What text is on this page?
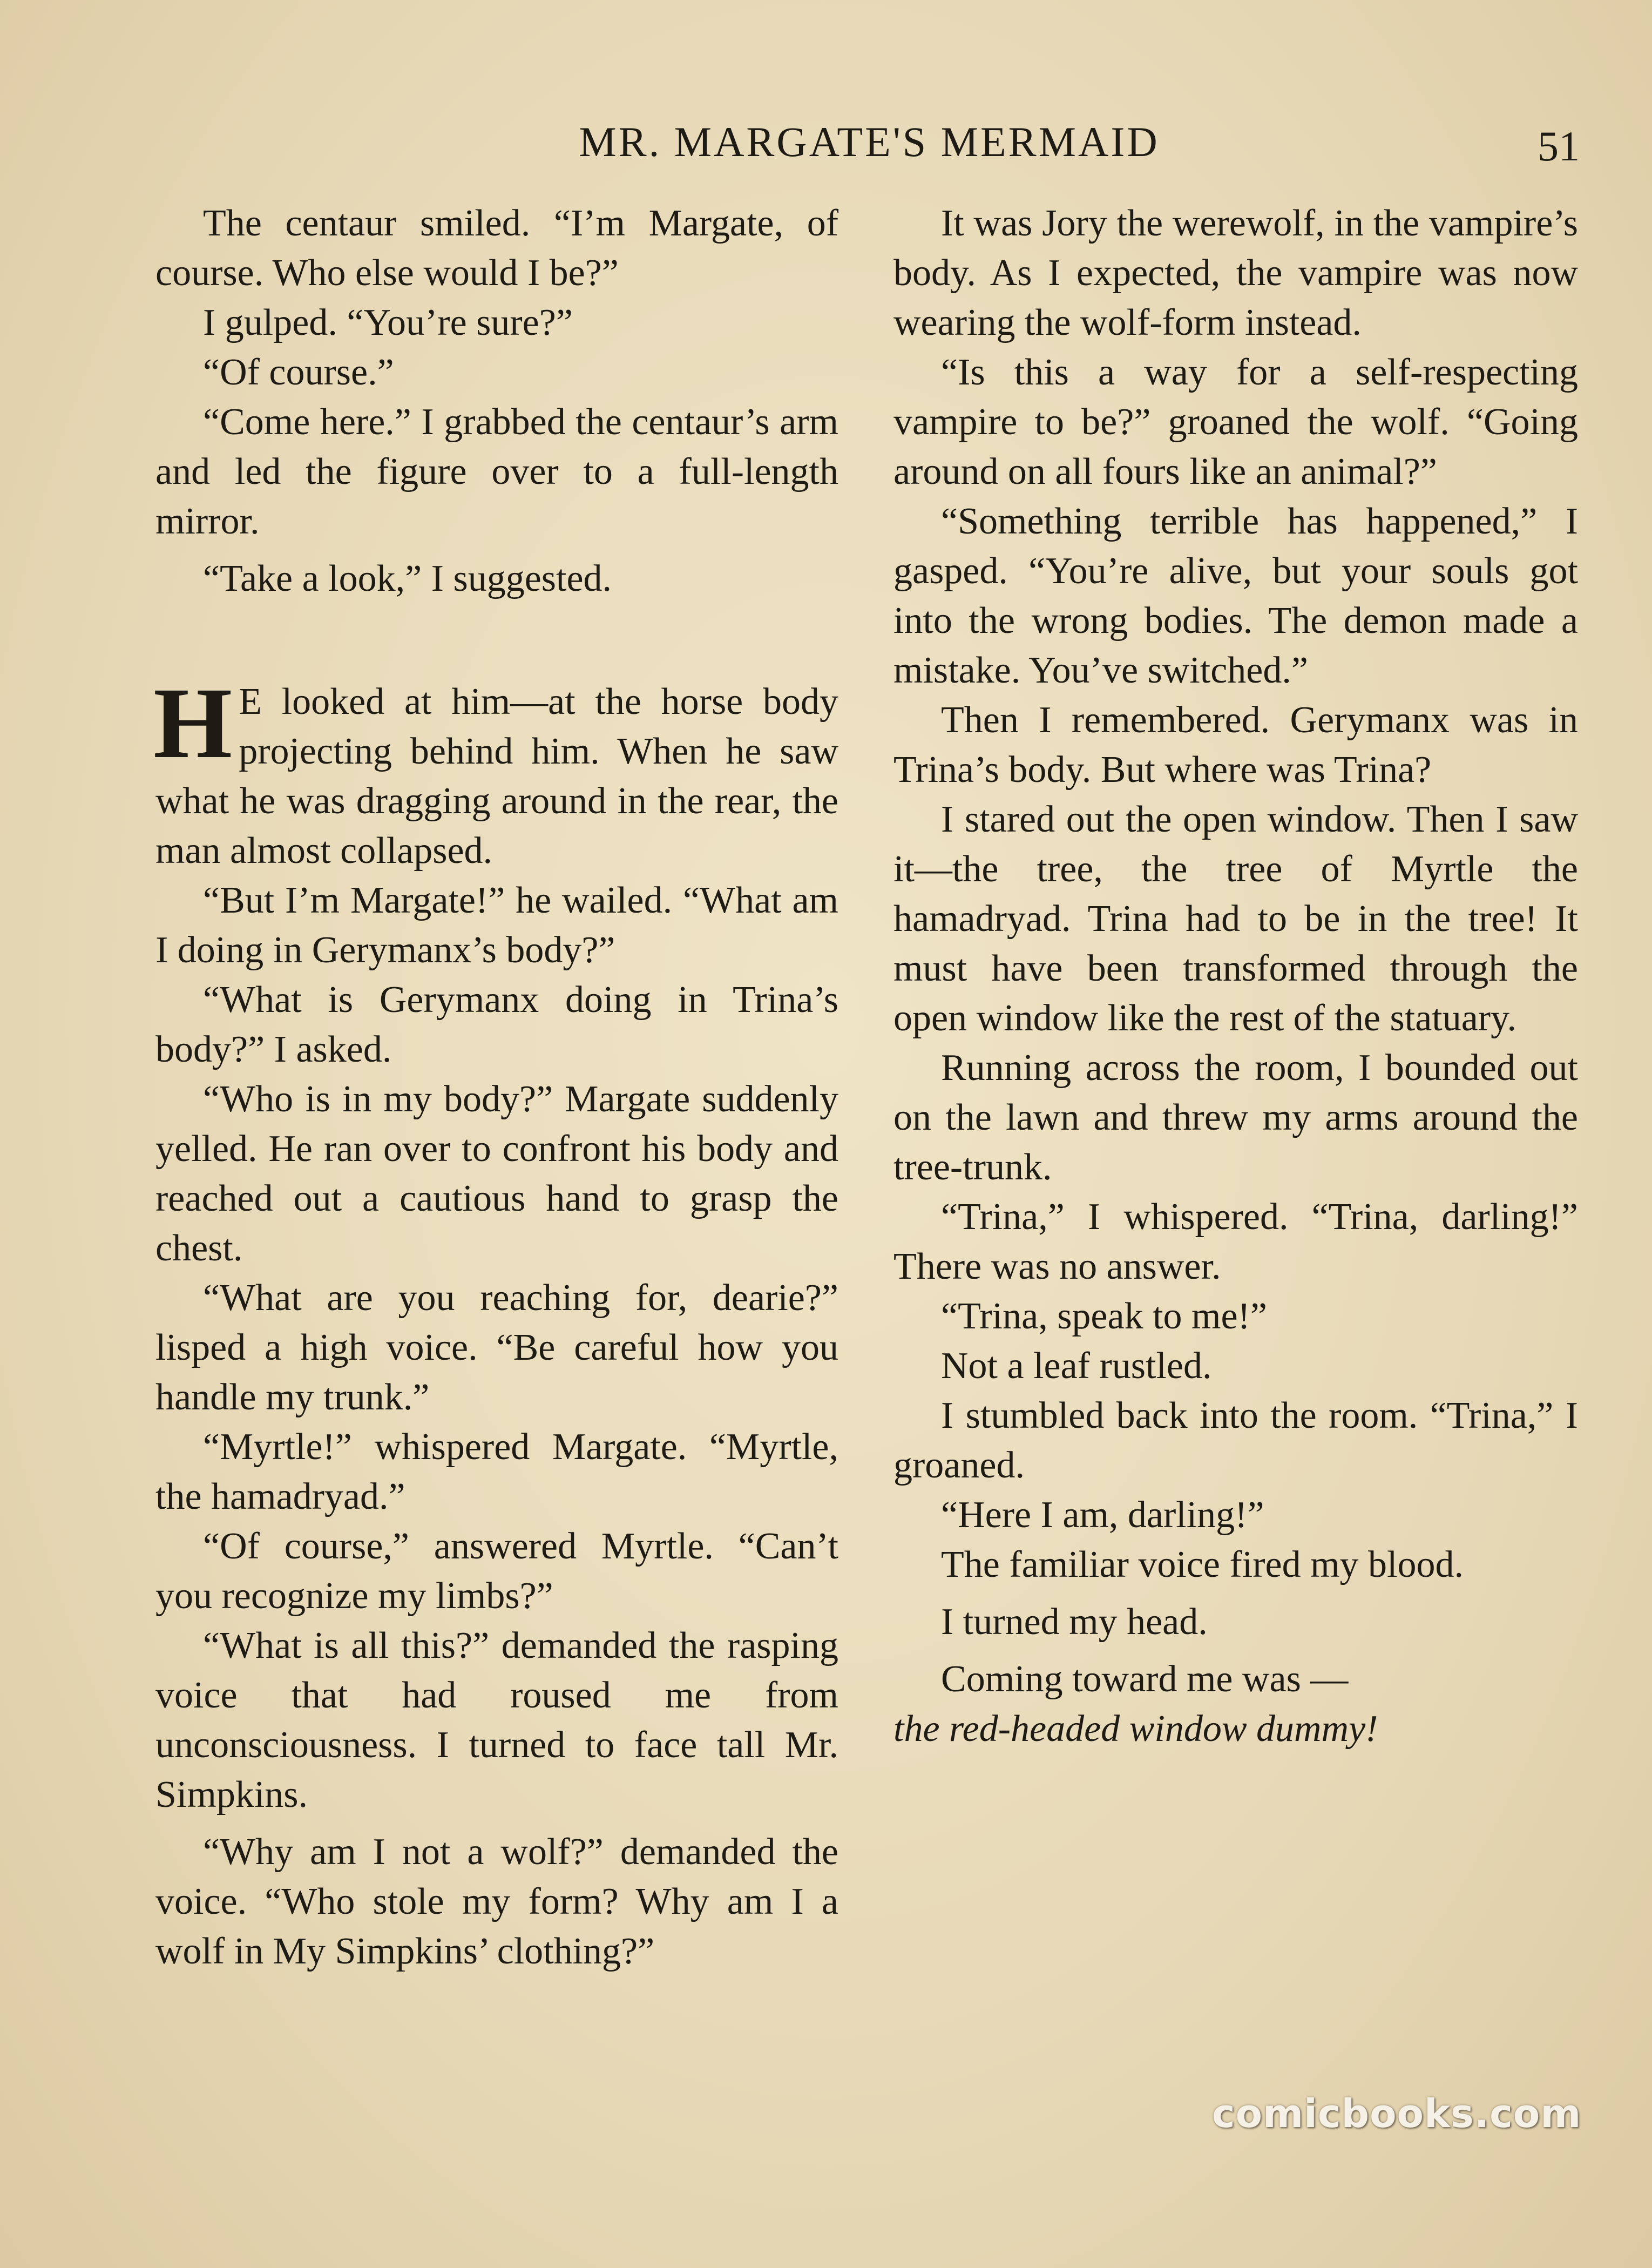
MR. MARGATE'S MERMAID	51

The centaur smiled. “I’m Margate, of course. Who else would I be?”

I gulped. “You’re sure?”

“Of course.”

“Come here.” I grabbed the centaur’s arm and led the figure over to a full-length mirror.

“Take a look,” I suggested.

H E looked at him—at the horse body projecting behind him. When he saw what he was dragging around in the rear, the man almost collapsed.

“But I’m Margate!” he wailed. “What am I doing in Gerymanx’s body?”

“What is Gerymanx doing in Trina’s body?” I asked.

“Who is in my body?” Margate suddenly yelled. He ran over to confront his body and reached out a cautious hand to grasp the chest.

“What are you reaching for, dearie?” lisped a high voice. “Be careful how you handle my trunk.”

“Myrtle!” whispered Margate. “Myrtle, the hamadryad.”

“Of course,” answered Myrtle. “Can’t you recognize my limbs?”

“What is all this?” demanded the rasping voice that had roused me from unconsciousness. I turned to face tall Mr. Simpkins.

“Why am I not a wolf?” demanded the voice. “Who stole my form? Why am I a wolf in My Simpkins’ clothing?”

It was Jory the werewolf, in the vampire’s body. As I expected, the vampire was now wearing the wolf-form instead.

“Is this a way for a self-respecting vampire to be?” groaned the wolf. “Going around on all fours like an animal?”

“Something terrible has happened,” I gasped. “You’re alive, but your souls got into the wrong bodies. The demon made a mistake. You’ve switched.”

Then I remembered. Gerymanx was in Trina’s body. But where was Trina?

I stared out the open window. Then I saw it—the tree, the tree of Myrtle the hamadryad. Trina had to be in the tree! It must have been transformed through the open window like the rest of the statuary.

Running across the room, I bounded out on the lawn and threw my arms around the tree-trunk.

“Trina,” I whispered. “Trina, darling!” There was no answer.

“Trina, speak to me!”

Not a leaf rustled.

I stumbled back into the room. “Trina,” I groaned.

“Here I am, darling!”

The familiar voice fired my blood.

I turned my head.

Coming toward me was —

the red-headed window dummy!

comicbooks.com
